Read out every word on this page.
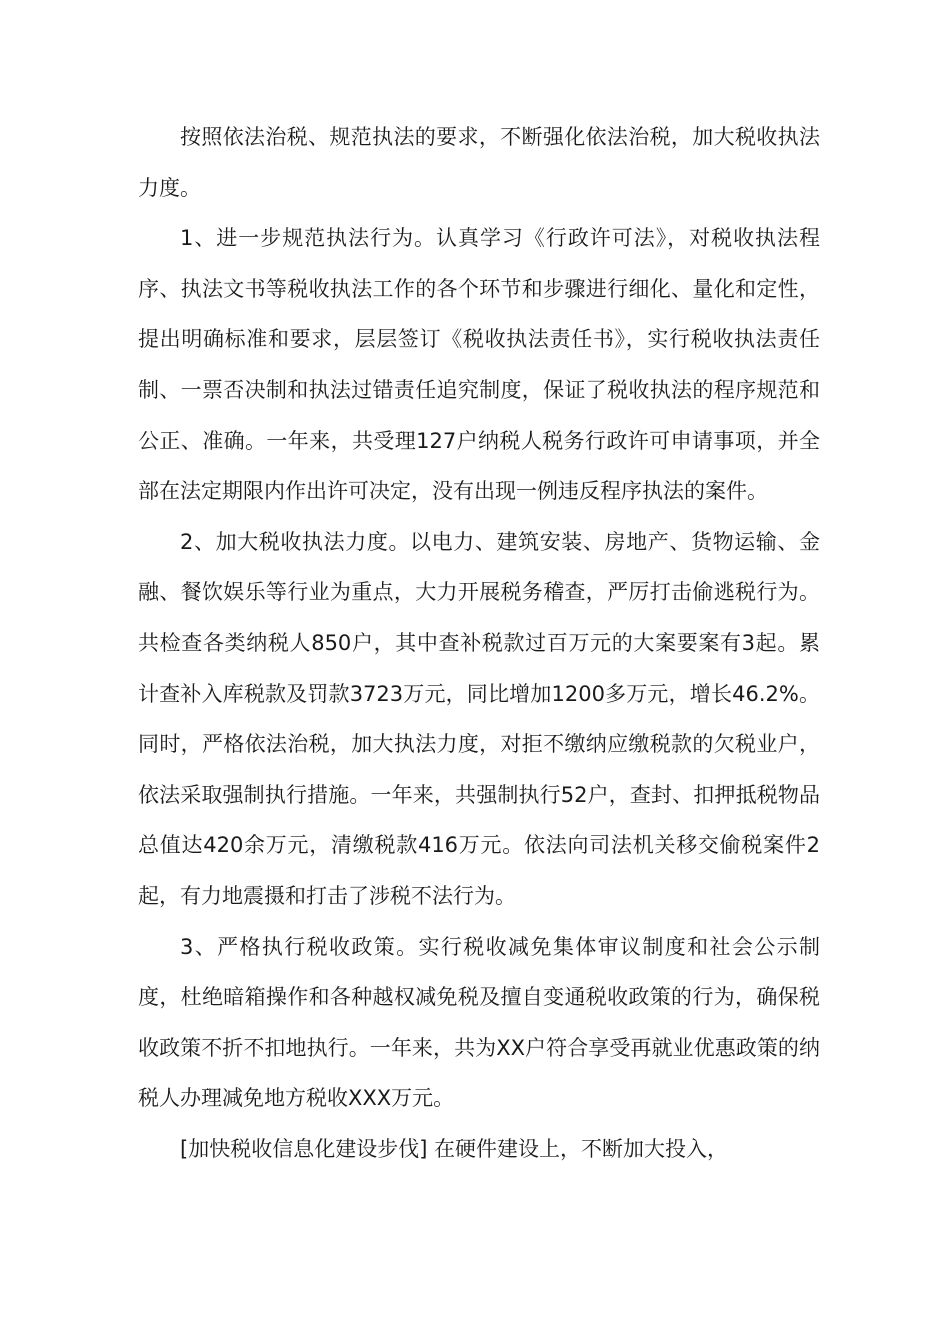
按照依法治税、规范执法的要求，不断强化依法治税，加大税收执法力度。

1、进一步规范执法行为。认真学习《行政许可法》，对税收执法程序、执法文书等税收执法工作的各个环节和步骤进行细化、量化和定性，提出明确标准和要求，层层签订《税收执法责任书》，实行税收执法责任制、一票否决制和执法过错责任追究制度，保证了税收执法的程序规范和公正、准确。一年来，共受理127户纳税人税务行政许可申请事项，并全部在法定期限内作出许可决定，没有出现一例违反程序执法的案件。

2、加大税收执法力度。以电力、建筑安装、房地产、货物运输、金融、餐饮娱乐等行业为重点，大力开展税务稽查，严厉打击偷逃税行为。共检查各类纳税人850户，其中查补税款过百万元的大案要案有3起。累计查补入库税款及罚款3723万元，同比增加1200多万元，增长46.2%。同时，严格依法治税，加大执法力度，对拒不缴纳应缴税款的欠税业户，依法采取强制执行措施。一年来，共强制执行52户，查封、扣押抵税物品总值达420余万元，清缴税款416万元。依法向司法机关移交偷税案件2起，有力地震摄和打击了涉税不法行为。

3、严格执行税收政策。实行税收减免集体审议制度和社会公示制度，杜绝暗箱操作和各种越权减免税及擅自变通税收政策的行为，确保税收政策不折不扣地执行。一年来，共为XX户符合享受再就业优惠政策的纳税人办理减免地方税收XXX万元。

[加快税收信息化建设步伐] 在硬件建设上，不断加大投入，
